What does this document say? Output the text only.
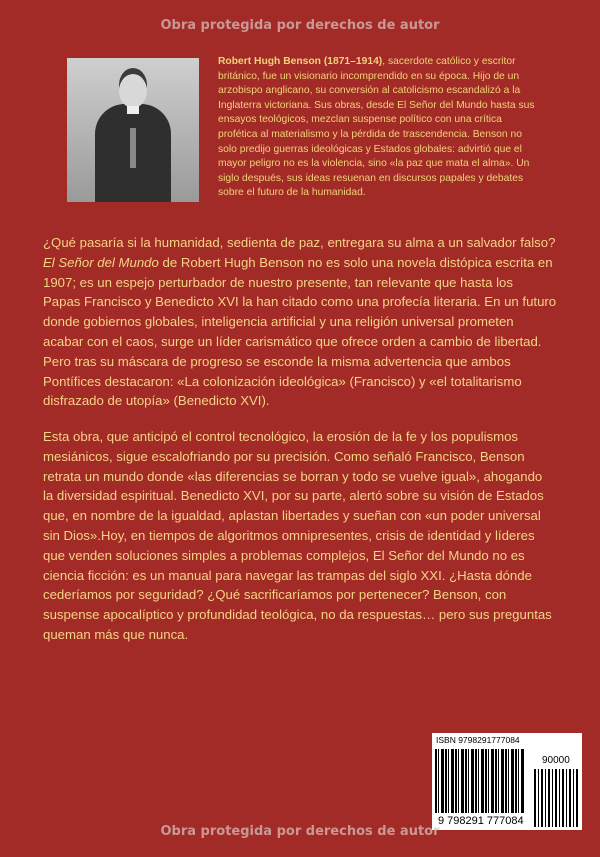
Obra protegida por derechos de autor
Robert Hugh Benson (1871–1914), sacerdote católico y escritor
británico, fue un visionario incomprendido en su época. Hijo de un
arzobispo anglicano, su conversión al catolicismo escandalizó a la
Inglaterra victoriana. Sus obras, desde El Señor del Mundo hasta sus
ensayos teológicos, mezclan suspense político con una crítica
profética al materialismo y la pérdida de trascendencia. Benson no
solo predijo guerras ideológicas y Estados globales: advirtió que el
mayor peligro no es la violencia, sino «la paz que mata el alma». Un
siglo después, sus ideas resuenan en discursos papales y debates
sobre el futuro de la humanidad.
¿Qué pasaría si la humanidad, sedienta de paz, entregara su alma a un salvador falso?
El Señor del Mundo de Robert Hugh Benson no es solo una novela distópica escrita en
1907; es un espejo perturbador de nuestro presente, tan relevante que hasta los
Papas Francisco y Benedicto XVI la han citado como una profecía literaria. En un futuro
donde gobiernos globales, inteligencia artificial y una religión universal prometen
acabar con el caos, surge un líder carismático que ofrece orden a cambio de libertad.
Pero tras su máscara de progreso se esconde la misma advertencia que ambos
Pontífices destacaron: «La colonización ideológica» (Francisco) y «el totalitarismo
disfrazado de utopía» (Benedicto XVI).
Esta obra, que anticipó el control tecnológico, la erosión de la fe y los populismos
mesiánicos, sigue escalofriando por su precisión. Como señaló Francisco, Benson
retrata un mundo donde «las diferencias se borran y todo se vuelve igual», ahogando
la diversidad espiritual. Benedicto XVI, por su parte, alertó sobre su visión de Estados
que, en nombre de la igualdad, aplastan libertades y sueñan con «un poder universal
sin Dios».Hoy, en tiempos de algoritmos omnipresentes, crisis de identidad y líderes
que venden soluciones simples a problemas complejos, El Señor del Mundo no es
ciencia ficción: es un manual para navegar las trampas del siglo XXI. ¿Hasta dónde
cederíamos por seguridad? ¿Qué sacrificaríamos por pertenecer? Benson, con
suspense apocalíptico y profundidad teológica, no da respuestas… pero sus preguntas
queman más que nunca.
ISBN 9798291777084
90000
9 798291 777084
Obra protegida por derechos de autor
